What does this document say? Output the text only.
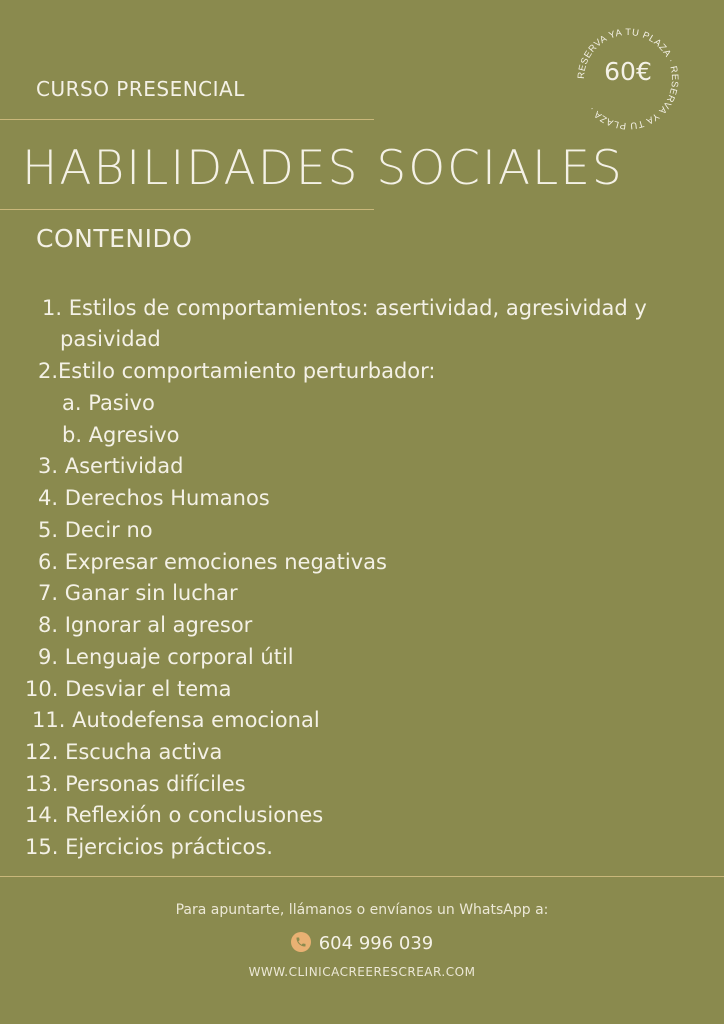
CURSO PRESENCIAL
HABILIDADES SOCIALES
CONTENIDO
RESERVA YA TU PLAZA · RESERVA YA TU PLAZA ·
60€
1. Estilos de comportamientos: asertividad, agresividad y
pasividad
2.Estilo comportamiento perturbador:
a. Pasivo
b. Agresivo
3. Asertividad
4. Derechos Humanos
5. Decir no
6. Expresar emociones negativas
7. Ganar sin luchar
8. Ignorar al agresor
9. Lenguaje corporal útil
10. Desviar el tema
11. Autodefensa emocional
12. Escucha activa
13. Personas difíciles
14. Reflexión o conclusiones
15. Ejercicios prácticos.
Para apuntarte, llámanos o envíanos un WhatsApp a:
604 996 039
WWW.CLINICACREERESCREAR.COM
